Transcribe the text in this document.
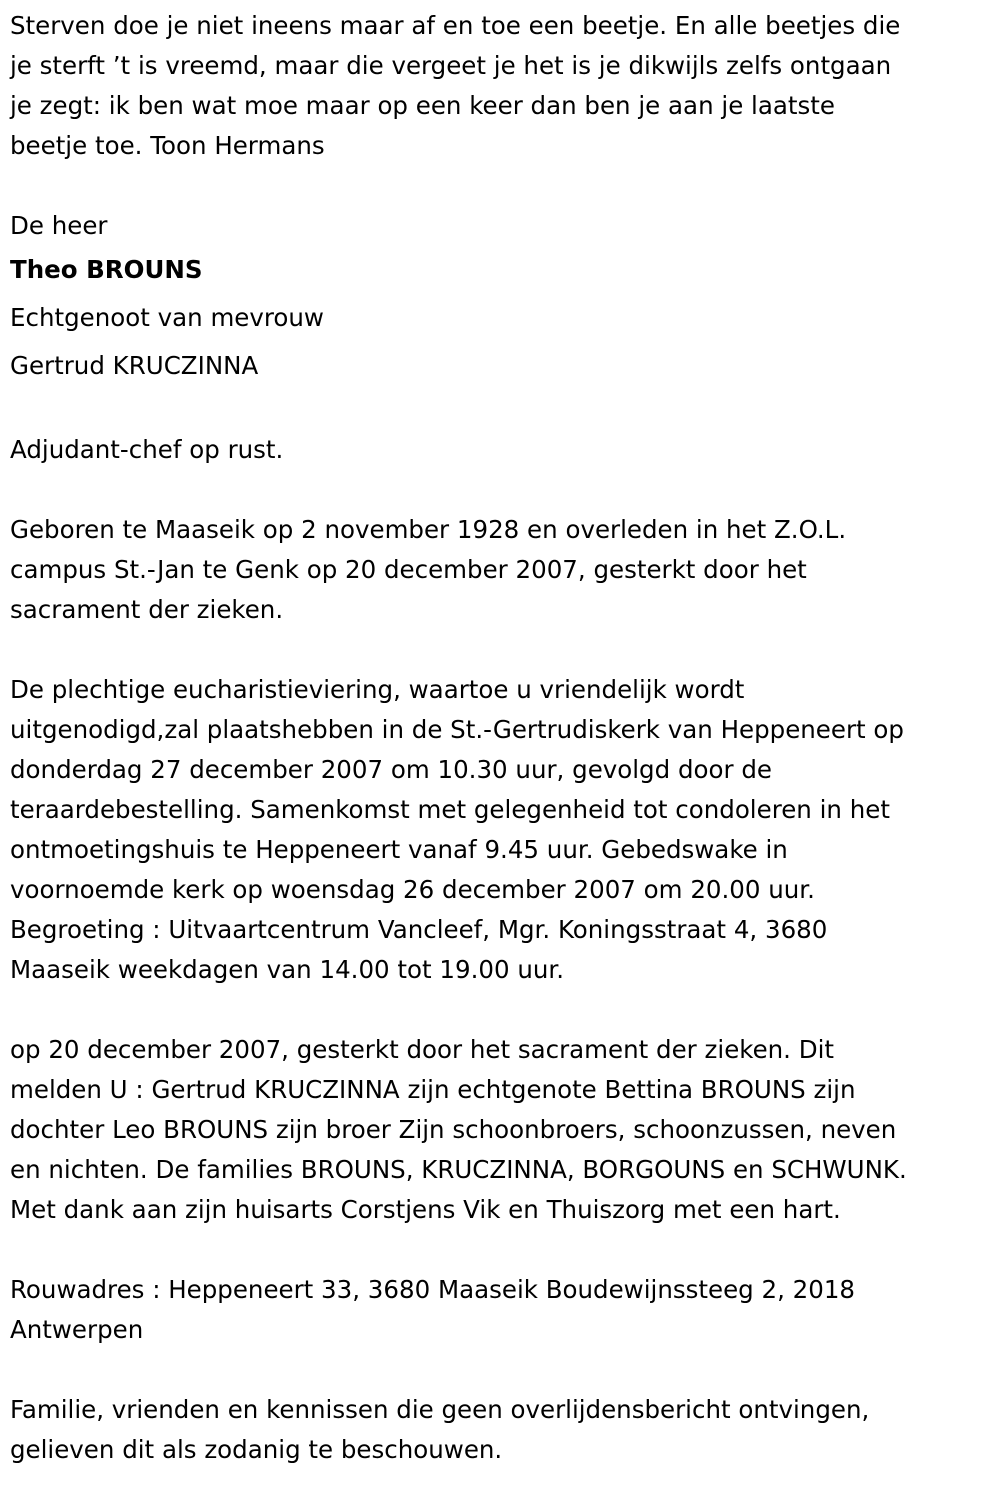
Sterven doe je niet ineens maar af en toe een beetje. En alle beetjes die
je sterft ’t is vreemd, maar die vergeet je het is je dikwijls zelfs ontgaan
je zegt: ik ben wat moe maar op een keer dan ben je aan je laatste
beetje toe. Toon Hermans
De heer
Theo BROUNS
Echtgenoot van mevrouw
Gertrud KRUCZINNA
Adjudant-chef op rust.
Geboren te Maaseik op 2 november 1928 en overleden in het Z.O.L.
campus St.-Jan te Genk op 20 december 2007, gesterkt door het
sacrament der zieken.
De plechtige eucharistieviering, waartoe u vriendelijk wordt
uitgenodigd,zal plaatshebben in de St.-Gertrudiskerk van Heppeneert op
donderdag 27 december 2007 om 10.30 uur, gevolgd door de
teraardebestelling. Samenkomst met gelegenheid tot condoleren in het
ontmoetingshuis te Heppeneert vanaf 9.45 uur. Gebedswake in
voornoemde kerk op woensdag 26 december 2007 om 20.00 uur.
Begroeting : Uitvaartcentrum Vancleef, Mgr. Koningsstraat 4, 3680
Maaseik weekdagen van 14.00 tot 19.00 uur.
op 20 december 2007, gesterkt door het sacrament der zieken. Dit
melden U : Gertrud KRUCZINNA zijn echtgenote Bettina BROUNS zijn
dochter Leo BROUNS zijn broer Zijn schoonbroers, schoonzussen, neven
en nichten. De families BROUNS, KRUCZINNA, BORGOUNS en SCHWUNK.
Met dank aan zijn huisarts Corstjens Vik en Thuiszorg met een hart.
Rouwadres : Heppeneert 33, 3680 Maaseik Boudewijnssteeg 2, 2018
Antwerpen
Familie, vrienden en kennissen die geen overlijdensbericht ontvingen,
gelieven dit als zodanig te beschouwen.
